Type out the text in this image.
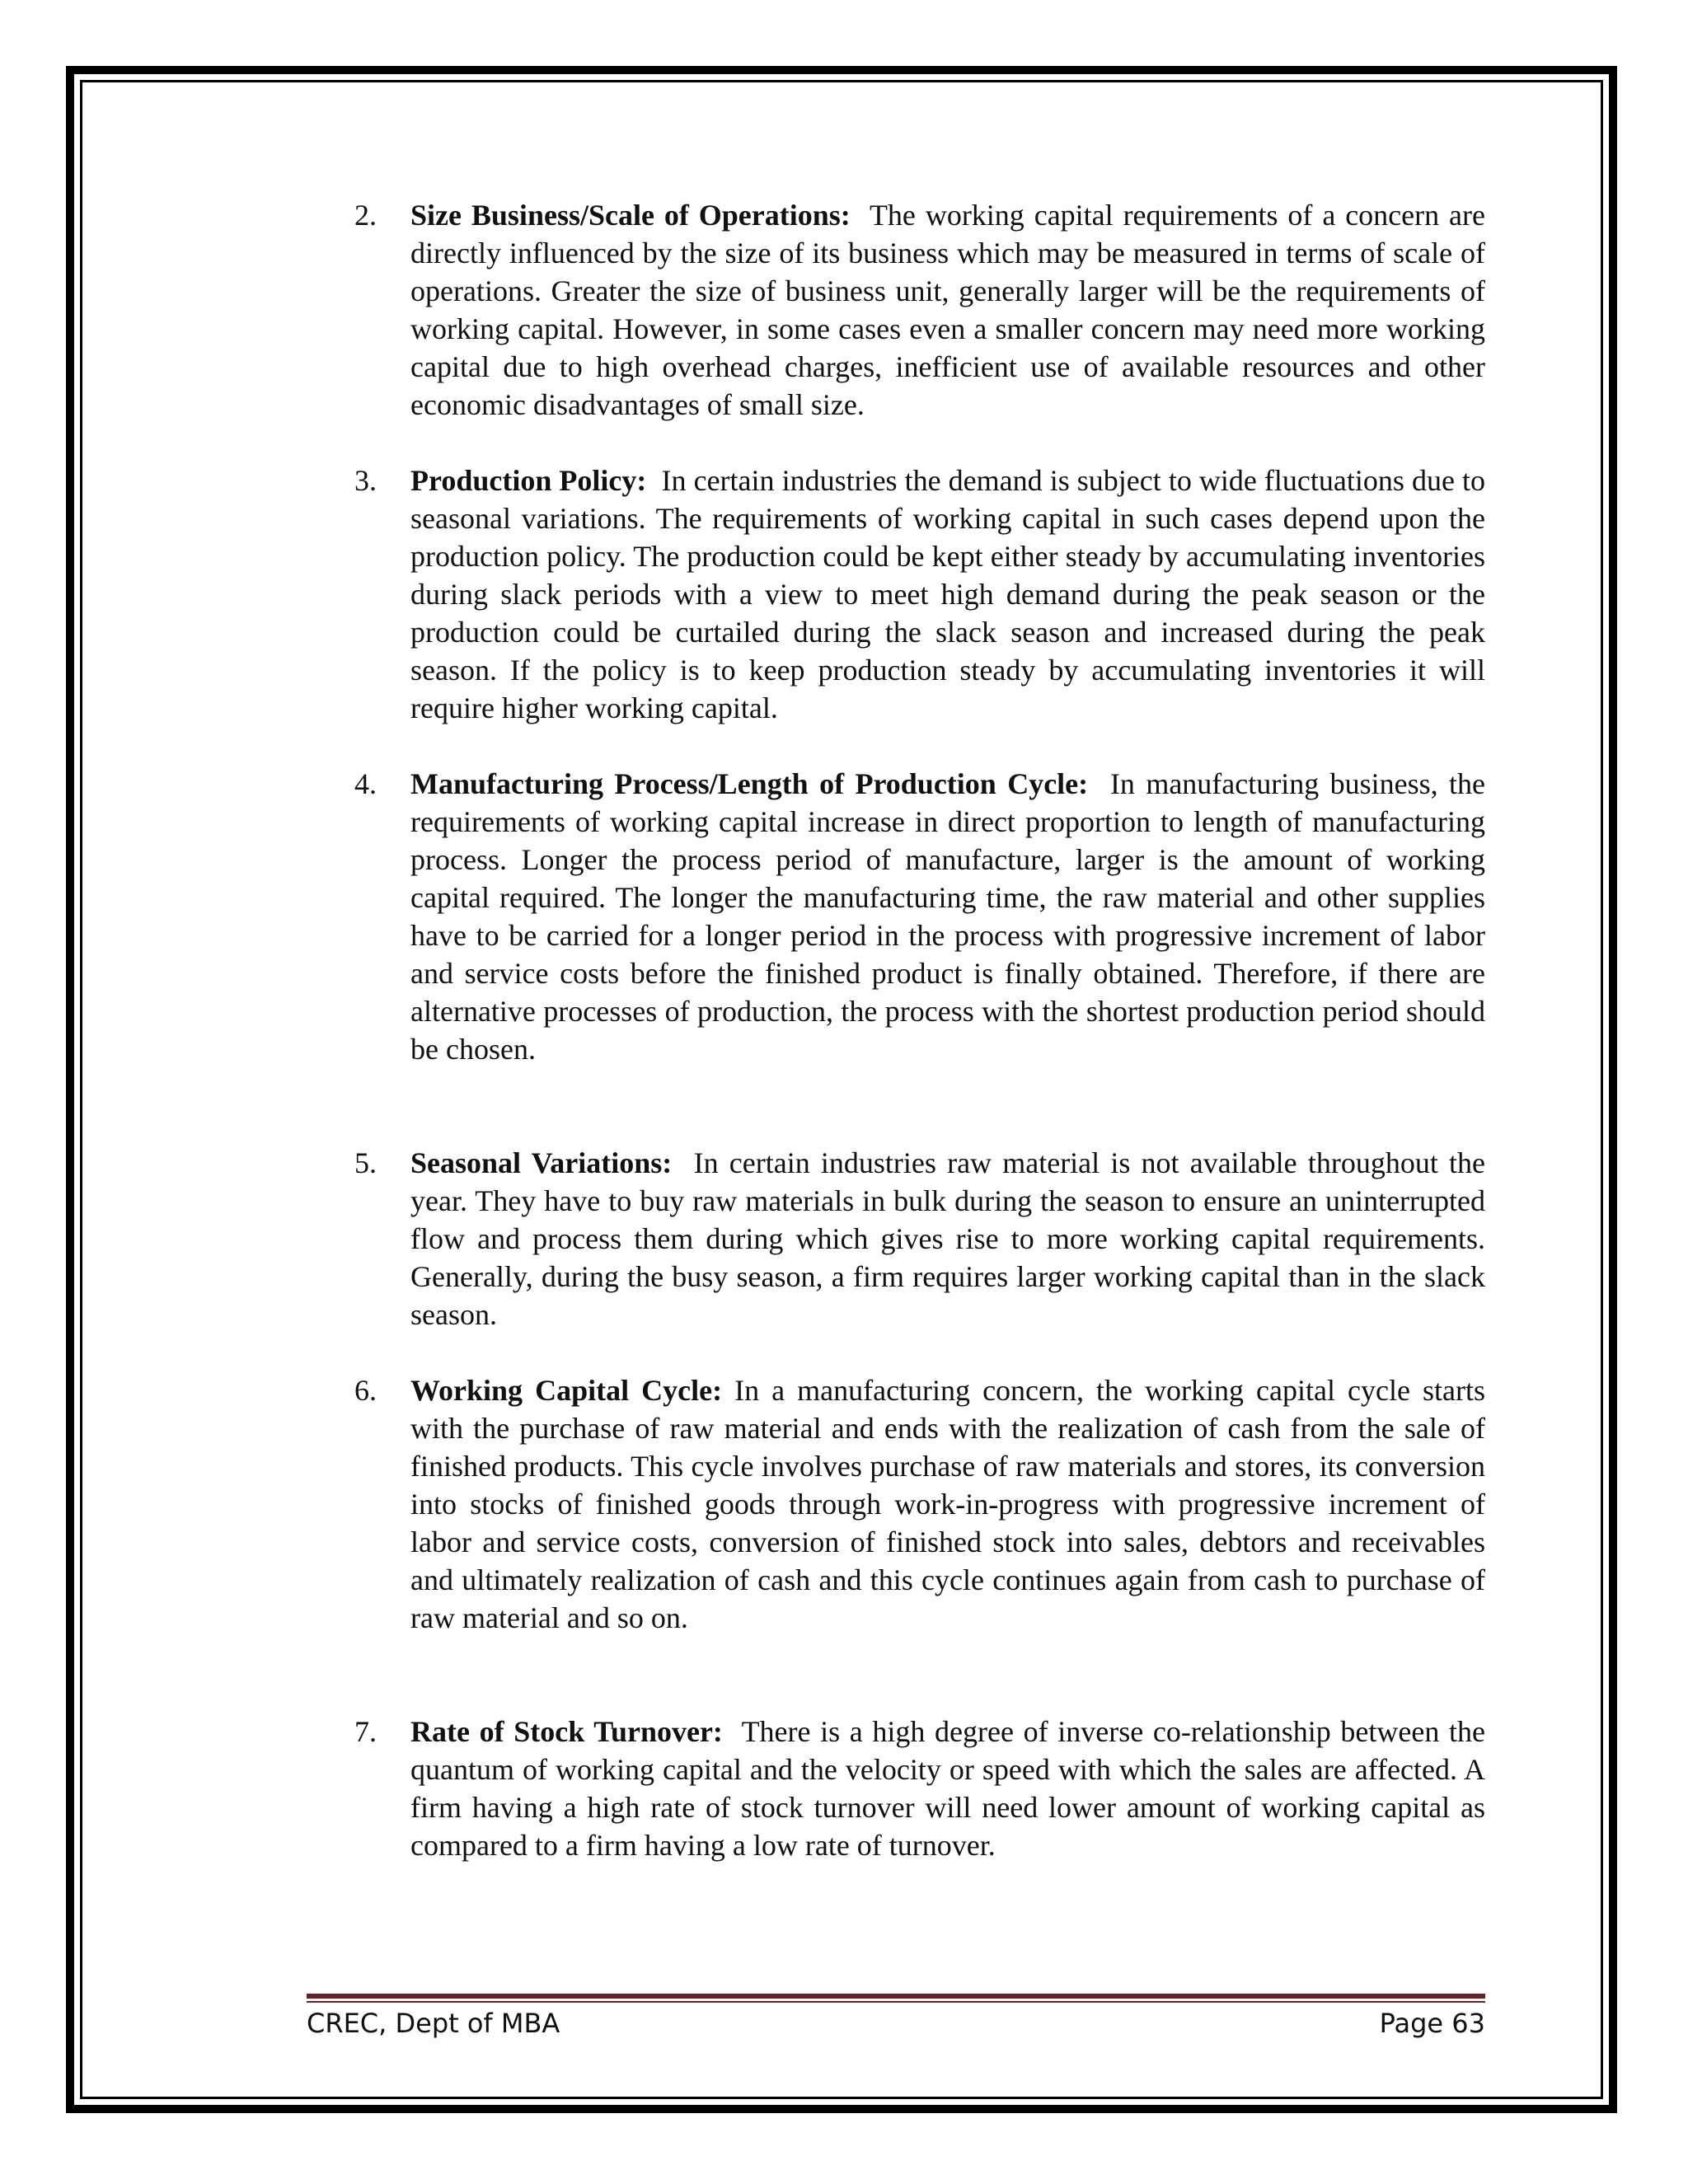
2. Size Business/Scale of Operations: The working capital requirements of a concern are directly influenced by the size of its business which may be measured in terms of scale of operations. Greater the size of business unit, generally larger will be the requirements of working capital. However, in some cases even a smaller concern may need more working capital due to high overhead charges, inefficient use of available resources and other economic disadvantages of small size.
3. Production Policy: In certain industries the demand is subject to wide fluctuations due to seasonal variations. The requirements of working capital in such cases depend upon the production policy. The production could be kept either steady by accumulating inventories during slack periods with a view to meet high demand during the peak season or the production could be curtailed during the slack season and increased during the peak season. If the policy is to keep production steady by accumulating inventories it will require higher working capital.
4. Manufacturing Process/Length of Production Cycle: In manufacturing business, the requirements of working capital increase in direct proportion to length of manufacturing process. Longer the process period of manufacture, larger is the amount of working capital required. The longer the manufacturing time, the raw material and other supplies have to be carried for a longer period in the process with progressive increment of labor and service costs before the finished product is finally obtained. Therefore, if there are alternative processes of production, the process with the shortest production period should be chosen.
5. Seasonal Variations: In certain industries raw material is not available throughout the year. They have to buy raw materials in bulk during the season to ensure an uninterrupted flow and process them during which gives rise to more working capital requirements. Generally, during the busy season, a firm requires larger working capital than in the slack season.
6. Working Capital Cycle: In a manufacturing concern, the working capital cycle starts with the purchase of raw material and ends with the realization of cash from the sale of finished products. This cycle involves purchase of raw materials and stores, its conversion into stocks of finished goods through work-in-progress with progressive increment of labor and service costs, conversion of finished stock into sales, debtors and receivables and ultimately realization of cash and this cycle continues again from cash to purchase of raw material and so on.
7. Rate of Stock Turnover: There is a high degree of inverse co-relationship between the quantum of working capital and the velocity or speed with which the sales are affected. A firm having a high rate of stock turnover will need lower amount of working capital as compared to a firm having a low rate of turnover.
CREC, Dept of MBA	Page 63
